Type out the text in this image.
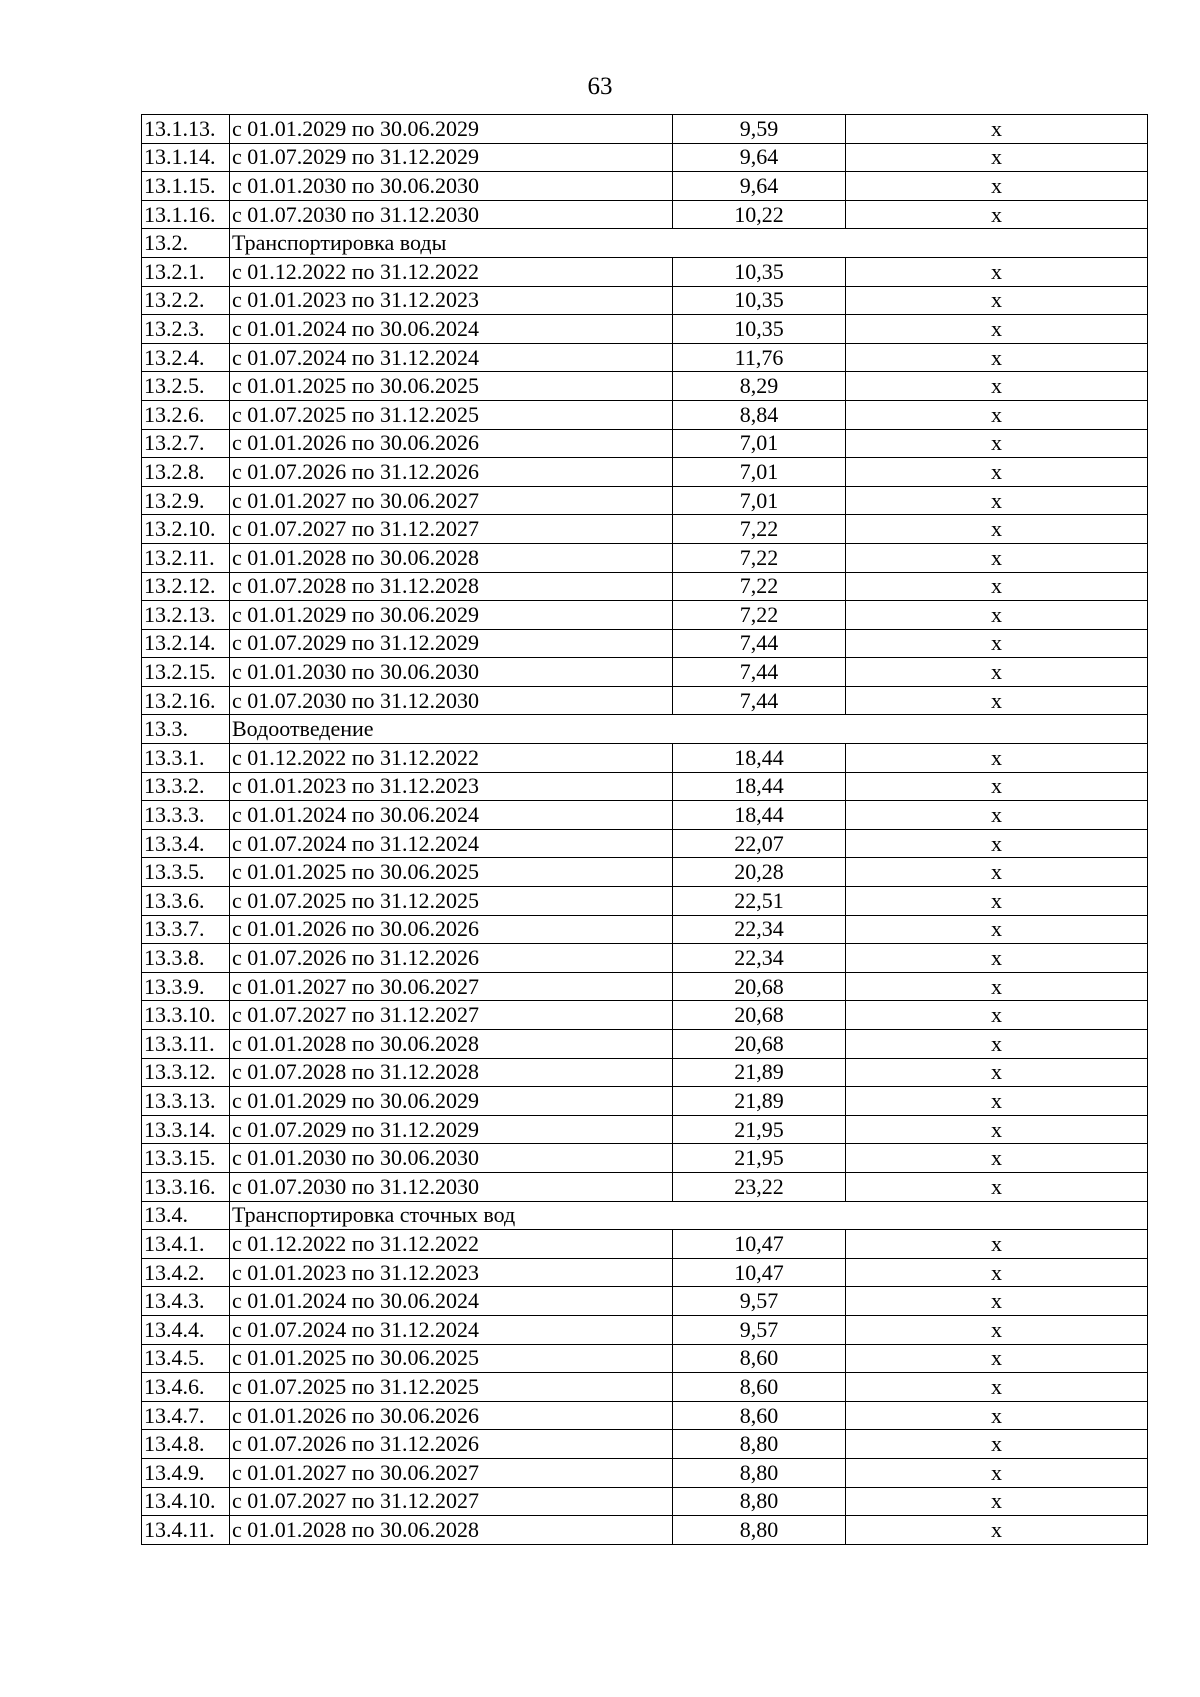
63
13.1.13.	с 01.01.2029 по 30.06.2029	9,59	х
13.1.14.	с 01.07.2029 по 31.12.2029	9,64	х
13.1.15.	с 01.01.2030 по 30.06.2030	9,64	х
13.1.16.	с 01.07.2030 по 31.12.2030	10,22	х
13.2.	Транспортировка воды		
13.2.1.	с 01.12.2022 по 31.12.2022	10,35	х
13.2.2.	с 01.01.2023 по 31.12.2023	10,35	х
13.2.3.	с 01.01.2024 по 30.06.2024	10,35	х
13.2.4.	с 01.07.2024 по 31.12.2024	11,76	х
13.2.5.	с 01.01.2025 по 30.06.2025	8,29	х
13.2.6.	с 01.07.2025 по 31.12.2025	8,84	х
13.2.7.	с 01.01.2026 по 30.06.2026	7,01	х
13.2.8.	с 01.07.2026 по 31.12.2026	7,01	х
13.2.9.	с 01.01.2027 по 30.06.2027	7,01	х
13.2.10.	с 01.07.2027 по 31.12.2027	7,22	х
13.2.11.	с 01.01.2028 по 30.06.2028	7,22	х
13.2.12.	с 01.07.2028 по 31.12.2028	7,22	х
13.2.13.	с 01.01.2029 по 30.06.2029	7,22	х
13.2.14.	с 01.07.2029 по 31.12.2029	7,44	х
13.2.15.	с 01.01.2030 по 30.06.2030	7,44	х
13.2.16.	с 01.07.2030 по 31.12.2030	7,44	х
13.3.	Водоотведение		
13.3.1.	с 01.12.2022 по 31.12.2022	18,44	х
13.3.2.	с 01.01.2023 по 31.12.2023	18,44	х
13.3.3.	с 01.01.2024 по 30.06.2024	18,44	х
13.3.4.	с 01.07.2024 по 31.12.2024	22,07	х
13.3.5.	с 01.01.2025 по 30.06.2025	20,28	х
13.3.6.	с 01.07.2025 по 31.12.2025	22,51	х
13.3.7.	с 01.01.2026 по 30.06.2026	22,34	х
13.3.8.	с 01.07.2026 по 31.12.2026	22,34	х
13.3.9.	с 01.01.2027 по 30.06.2027	20,68	х
13.3.10.	с 01.07.2027 по 31.12.2027	20,68	х
13.3.11.	с 01.01.2028 по 30.06.2028	20,68	х
13.3.12.	с 01.07.2028 по 31.12.2028	21,89	х
13.3.13.	с 01.01.2029 по 30.06.2029	21,89	х
13.3.14.	с 01.07.2029 по 31.12.2029	21,95	х
13.3.15.	с 01.01.2030 по 30.06.2030	21,95	х
13.3.16.	с 01.07.2030 по 31.12.2030	23,22	х
13.4.	Транспортировка сточных вод		
13.4.1.	с 01.12.2022 по 31.12.2022	10,47	х
13.4.2.	с 01.01.2023 по 31.12.2023	10,47	х
13.4.3.	с 01.01.2024 по 30.06.2024	9,57	х
13.4.4.	с 01.07.2024 по 31.12.2024	9,57	х
13.4.5.	с 01.01.2025 по 30.06.2025	8,60	х
13.4.6.	с 01.07.2025 по 31.12.2025	8,60	х
13.4.7.	с 01.01.2026 по 30.06.2026	8,60	х
13.4.8.	с 01.07.2026 по 31.12.2026	8,80	х
13.4.9.	с 01.01.2027 по 30.06.2027	8,80	х
13.4.10.	с 01.07.2027 по 31.12.2027	8,80	х
13.4.11.	с 01.01.2028 по 30.06.2028	8,80	х
